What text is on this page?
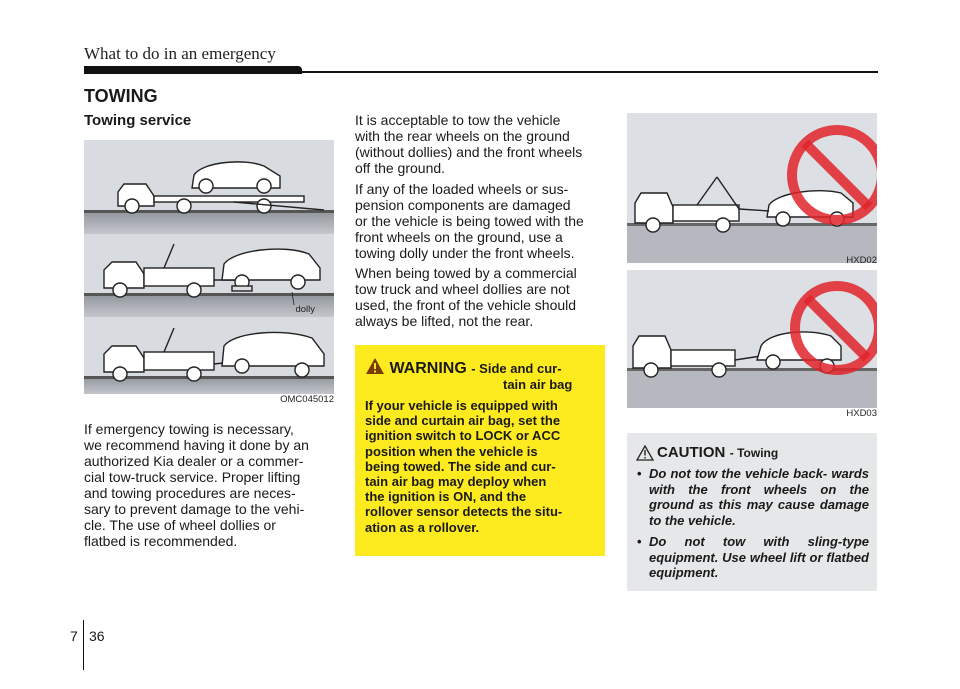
What to do in an emergency
TOWING
Towing service
dolly
OMC045012
If emergency towing is necessary,
we recommend having it done by an
authorized Kia dealer or a commer-
cial tow-truck service. Proper lifting
and towing procedures are neces-
sary to prevent damage to the vehi-
cle. The use of wheel dollies or
flatbed is recommended.
It is acceptable to tow the vehicle
with the rear wheels on the ground
(without dollies) and the front wheels
off the ground.
If any of the loaded wheels or sus-
pension components are damaged
or the vehicle is being towed with the
front wheels on the ground, use a
towing dolly under the front wheels.
When being towed by a commercial
tow truck and wheel dollies are not
used, the front of the vehicle should
always be lifted, not the rear.
WARNING - Side and cur-
tain air bag
If your vehicle is equipped with
side and curtain air bag, set the
ignition switch to LOCK or ACC
position when the vehicle is
being towed. The side and cur-
tain air bag may deploy when
the ignition is ON, and the
rollover sensor detects the situ-
ation as a rollover.
HXD02
HXD03
CAUTION - Towing
• Do not tow the vehicle back- wards with the front wheels on the ground as this may cause damage to the vehicle.
• Do not tow with sling-type equipment. Use wheel lift or flatbed equipment.
7 36
